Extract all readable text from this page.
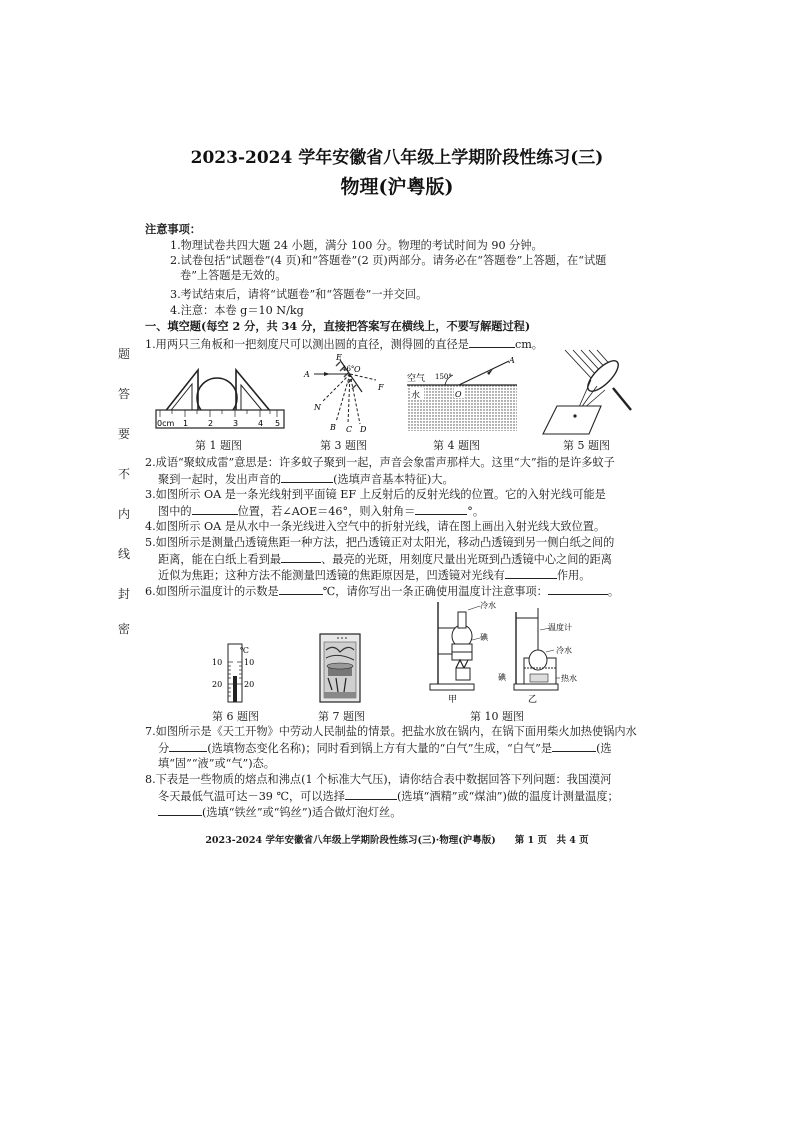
2023-2024 学年安徽省八年级上学期阶段性练习(三)
物理(沪粤版)
题
答
要
不
内
线
封
密
注意事项：
1.物理试卷共四大题 24 小题，满分 100 分。物理的考试时间为 90 分钟。
2.试卷包括“试题卷”(4 页)和“答题卷”(2 页)两部分。请务必在“答题卷”上答题，在“试题
卷”上答题是无效的。
3.考试结束后，请将“试题卷”和“答题卷”一并交回。
4.注意：本卷 g＝10 N/kg
一、填空题(每空 2 分，共 34 分，直接把答案写在横线上，不要写解题过程)
1.用两只三角板和一把刻度尺可以测出圆的直径，测得圆的直径是	cm。
0cm 1 2 3 4 5
第 1 题图
E
46° O
A
N
B C D
F
第 3 题图
空气 150°
水	O
A
第 4 题图	第 5 题图
2.成语“聚蚊成雷”意思是：许多蚊子聚到一起，声音会象雷声那样大。这里“大”指的是许多蚊子
聚到一起时，发出声音的	(选填声音基本特征)大。
3.如图所示 OA 是一条光线射到平面镜 EF 上反射后的反射光线的位置。它的入射光线可能是
图中的	位置，若∠AOE＝46°，则入射角＝	°。
4.如图所示 OA 是从水中一条光线进入空气中的折射光线，请在图上画出入射光线大致位置。
5.如图所示是测量凸透镜焦距一种方法，把凸透镜正对太阳光，移动凸透镜到另一侧白纸之间的
距离，能在白纸上看到最	、最亮的光斑，用刻度尺量出光斑到凸透镜中心之间的距离
近似为焦距；这种方法不能测量凹透镜的焦距原因是，凹透镜对光线有	作用。
6.如图所示温度计的示数是	℃，请你写出一条正确使用温度计注意事项：	。
℃
10	10
20	20
第 6 题图	第 7 题图
冷水
碘
甲
温度计
冷水
碘	热水
乙
第 10 题图
7.如图所示是《天工开物》中劳动人民制盐的情景。把盐水放在锅内，在锅下面用柴火加热使锅内水
分	(选填物态变化名称)；同时看到锅上方有大量的“白气”生成，“白气”是	(选
填“固”“液”或“气”)态。
8.下表是一些物质的熔点和沸点(1 个标准大气压)，请你结合表中数据回答下列问题：我国漠河
冬天最低气温可达－39 ℃，可以选择	(选填“酒精”或“煤油”)做的温度计测量温度；
(选填“铁丝”或“钨丝”)适合做灯泡灯丝。
2023-2024 学年安徽省八年级上学期阶段性练习(三)·物理(沪粤版)　　第 1 页　共 4 页
